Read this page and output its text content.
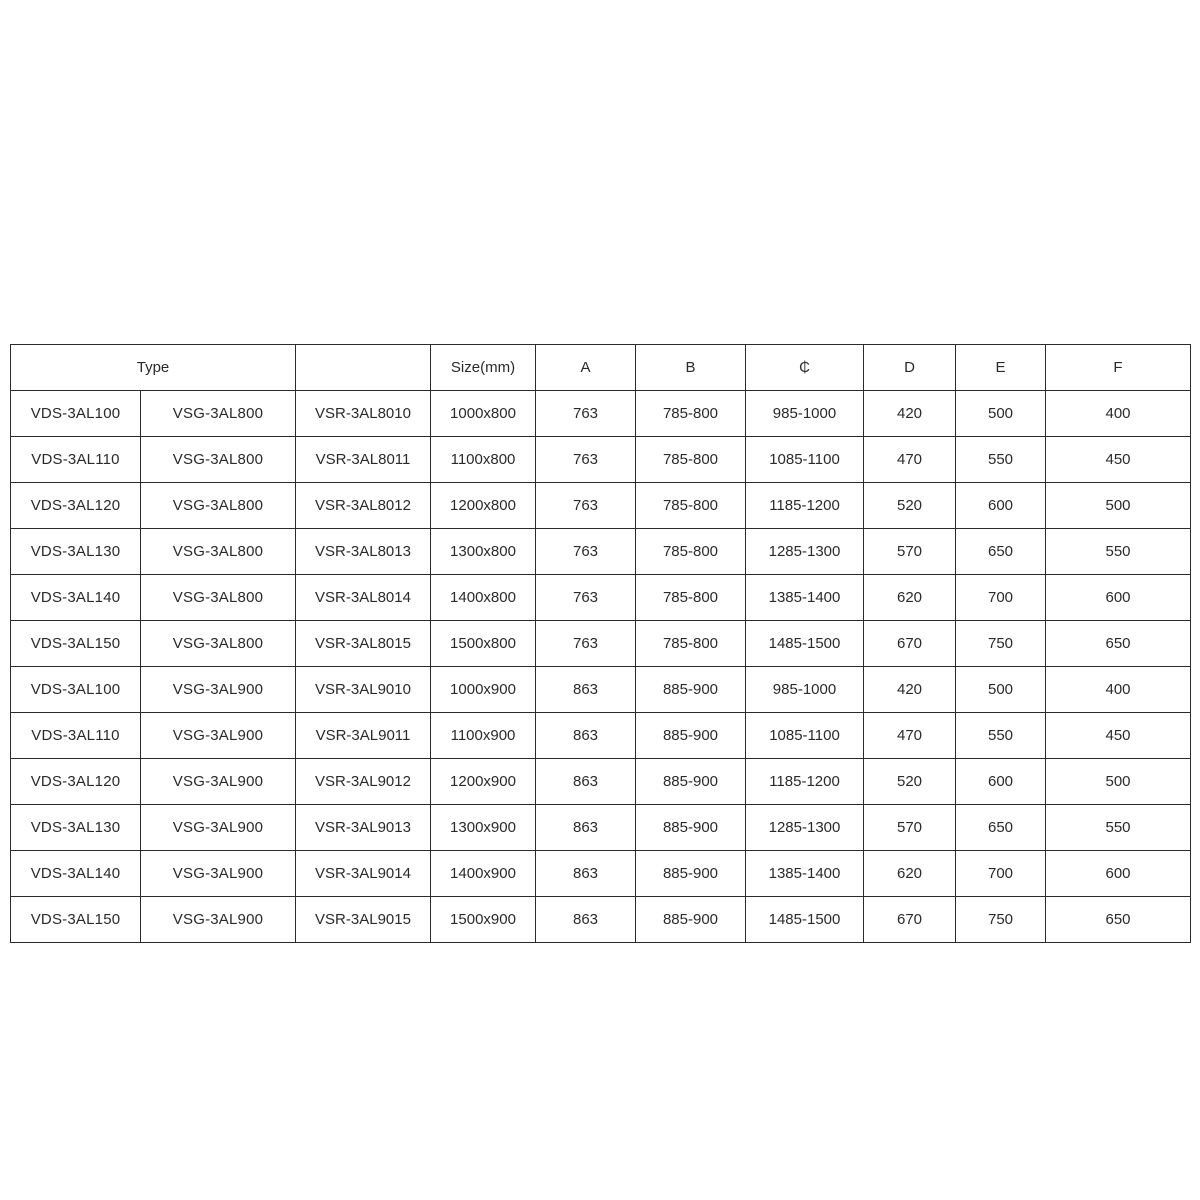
Type			Size(mm)	A	B	₵	D	E	F
VDS-3AL100	VSG-3AL800	VSR-3AL8010	1000x800	763	785-800	985-1000	420	500	400
VDS-3AL110	VSG-3AL800	VSR-3AL8011	1100x800	763	785-800	1085-1100	470	550	450
VDS-3AL120	VSG-3AL800	VSR-3AL8012	1200x800	763	785-800	1185-1200	520	600	500
VDS-3AL130	VSG-3AL800	VSR-3AL8013	1300x800	763	785-800	1285-1300	570	650	550
VDS-3AL140	VSG-3AL800	VSR-3AL8014	1400x800	763	785-800	1385-1400	620	700	600
VDS-3AL150	VSG-3AL800	VSR-3AL8015	1500x800	763	785-800	1485-1500	670	750	650
VDS-3AL100	VSG-3AL900	VSR-3AL9010	1000x900	863	885-900	985-1000	420	500	400
VDS-3AL110	VSG-3AL900	VSR-3AL9011	1100x900	863	885-900	1085-1100	470	550	450
VDS-3AL120	VSG-3AL900	VSR-3AL9012	1200x900	863	885-900	1185-1200	520	600	500
VDS-3AL130	VSG-3AL900	VSR-3AL9013	1300x900	863	885-900	1285-1300	570	650	550
VDS-3AL140	VSG-3AL900	VSR-3AL9014	1400x900	863	885-900	1385-1400	620	700	600
VDS-3AL150	VSG-3AL900	VSR-3AL9015	1500x900	863	885-900	1485-1500	670	750	650
